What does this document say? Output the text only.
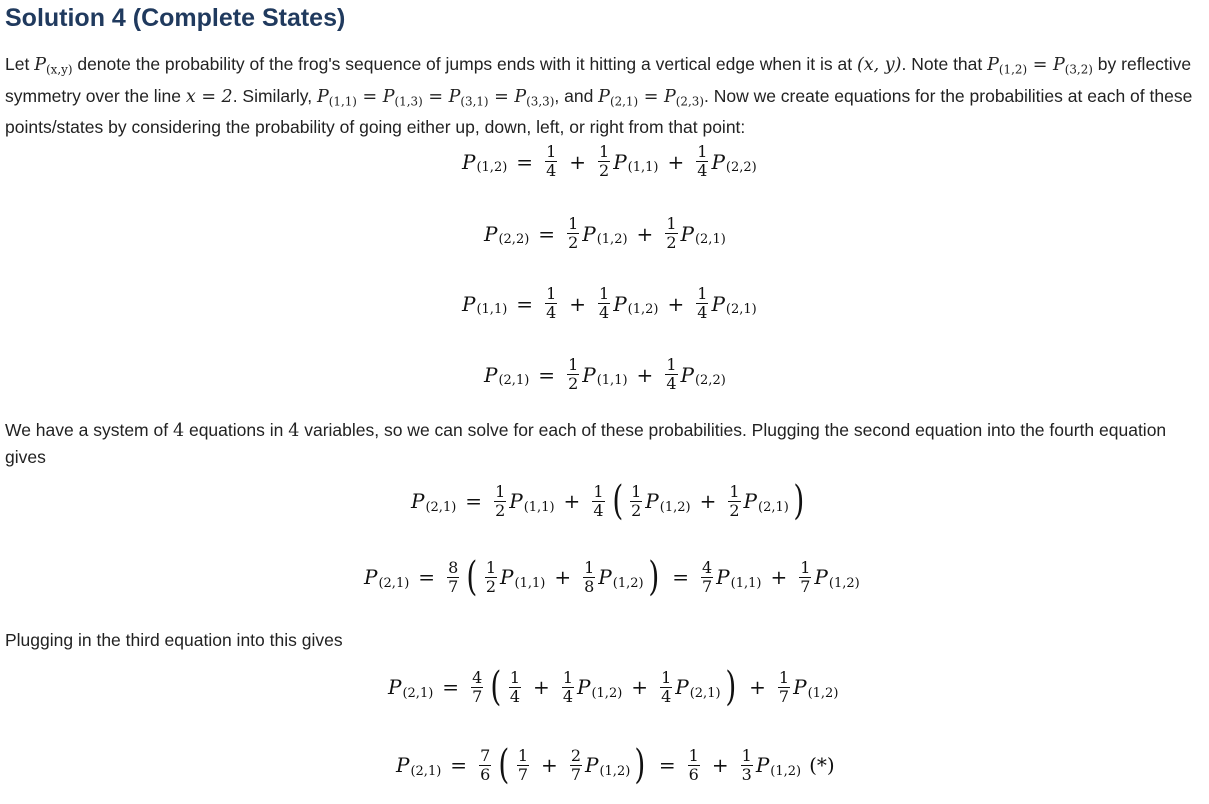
Solution 4 (Complete States)
Let $P_{(x,y)}$ denote the probability of the frog's sequence of jumps ends with it hitting a vertical edge when it is at (x, y). Note that $P_{(1,2)} = P_{(3,2)}$ by reflective symmetry over the line x = 2. Similarly, $P_{(1,1)} = P_{(1,3)} = P_{(3,1)} = P_{(3,3)}$, and $P_{(2,1)} = P_{(2,3)}$. Now we create equations for the probabilities at each of these points/states by considering the probability of going either up, down, left, or right from that point:
P $(1,2) = \frac{1}{4} + \frac{1}{2}$ P $(1,1) + \frac{1}{4}$ P (2,2)
P $(2,2) = \frac{1}{2}$ P $(1,2) + \frac{1}{2}$ P (2,1)
P $(1,1) = \frac{1}{4} + \frac{1}{4}$ P $(1,2) + \frac{1}{4}$ P (2,1)
P $(2,1) = \frac{1}{2}$ P $(1,1) + \frac{1}{4}$ P (2,2)
We have a system of 4 equations in 4 variables, so we can solve for each of these probabilities. Plugging the second equation into the fourth equation gives
P $(2,1) = \frac{1}{2}$ P $(1,1) + \frac{1}{4}$ ( 1
2 P $(1,2) + \frac{1}{2}$ P (2,1) )
P $(2,1) = \frac{8}{7}$ ( 1
2 P $(1,1) + \frac{1}{8}$ P (1,2) ) = $\frac{4}{7}$ P $(1,1) + \frac{1}{7}$ P (1,2)
Plugging in the third equation into this gives
P $(2,1) = \frac{4}{7}$ ( 1
$4 + \frac{1}{4}$ P $(1,2) + \frac{1}{4}$ P (2,1) ) + $\frac{1}{7}$ P (1,2)
P $(2,1) = \frac{7}{6}$ ( 1
$7 + \frac{2}{7}$ P (1,2) ) = $\frac{1}{6} + \frac{1}{3}$ P (1,2) (*)
